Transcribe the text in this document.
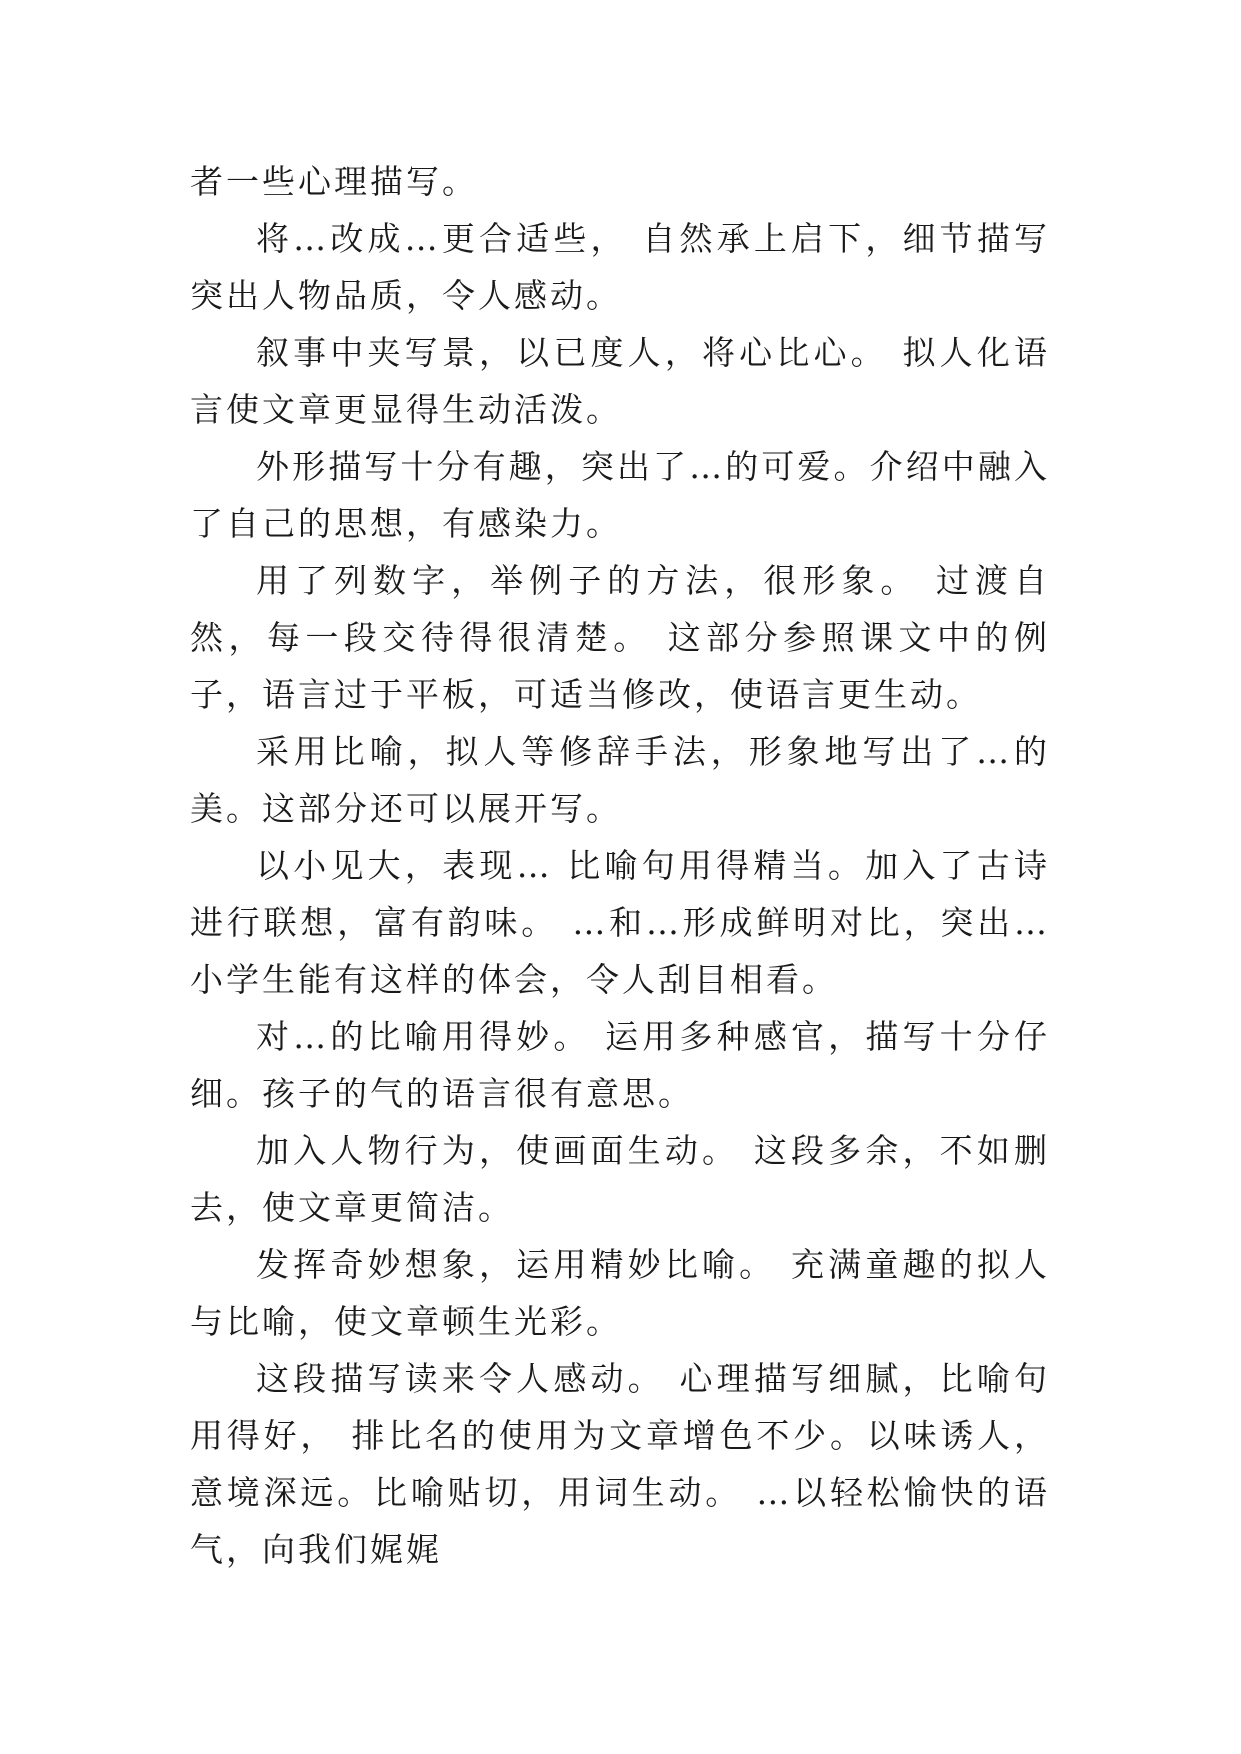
者一些心理描写。

将…改成…更合适些， 自然承上启下，细节描写突出人物品质，令人感动。

叙事中夹写景，以已度人，将心比心。 拟人化语言使文章更显得生动活泼。

外形描写十分有趣，突出了…的可爱。介绍中融入了自己的思想，有感染力。

用了列数字，举例子的方法，很形象。 过渡自然，每一段交待得很清楚。 这部分参照课文中的例子，语言过于平板，可适当修改，使语言更生动。

采用比喻，拟人等修辞手法，形象地写出了…的美。这部分还可以展开写。

以小见大，表现… 比喻句用得精当。加入了古诗进行联想，富有韵味。 …和…形成鲜明对比，突出… 小学生能有这样的体会，令人刮目相看。

对…的比喻用得妙。 运用多种感官，描写十分仔细。孩子的气的语言很有意思。

加入人物行为，使画面生动。 这段多余，不如删去，使文章更简洁。

发挥奇妙想象，运用精妙比喻。 充满童趣的拟人与比喻，使文章顿生光彩。

这段描写读来令人感动。 心理描写细腻，比喻句用得好， 排比名的使用为文章增色不少。以味诱人，意境深远。比喻贴切，用词生动。 …以轻松愉快的语气，向我们娓娓
